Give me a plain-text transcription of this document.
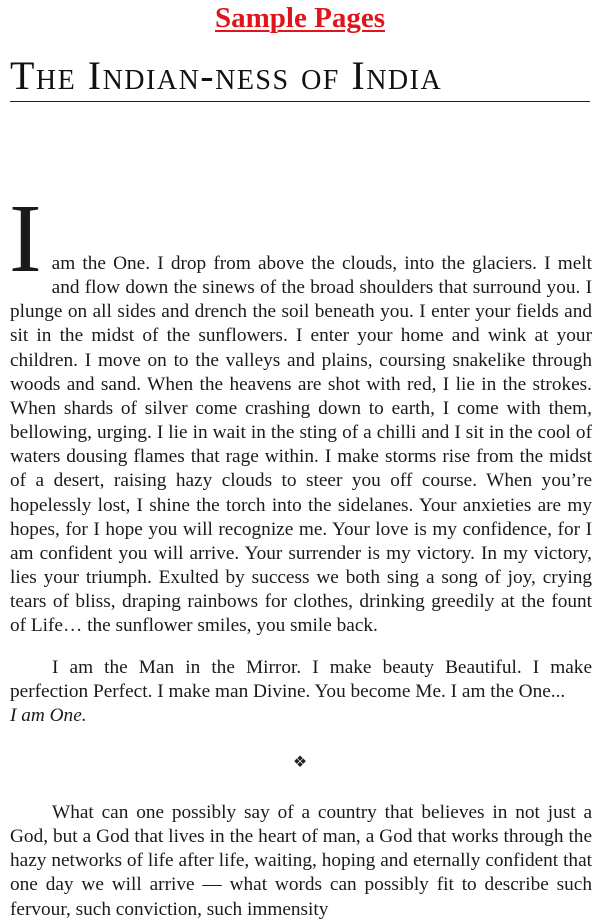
Sample Pages
The Indian-ness of India
I am the One. I drop from above the clouds, into the glaciers. I melt and flow down the sinews of the broad shoulders that surround you. I plunge on all sides and drench the soil beneath you. I enter your fields and sit in the midst of the sunflowers. I enter your home and wink at your children. I move on to the valleys and plains, coursing snakelike through woods and sand. When the heavens are shot with red, I lie in the strokes. When shards of silver come crashing down to earth, I come with them, bellowing, urging. I lie in wait in the sting of a chilli and I sit in the cool of waters dousing flames that rage within. I make storms rise from the midst of a desert, raising hazy clouds to steer you off course. When you’re hopelessly lost, I shine the torch into the sidelanes. Your anxieties are my hopes, for I hope you will recognize me. Your love is my confidence, for I am confident you will arrive. Your surrender is my victory. In my victory, lies your triumph. Exulted by success we both sing a song of joy, crying tears of bliss, draping rainbows for clothes, drinking greedily at the fount of Life… the sunflower smiles, you smile back.
I am the Man in the Mirror. I make beauty Beautiful. I make perfection Perfect. I make man Divine. You become Me. I am the One...
I am One.
❖
What can one possibly say of a country that believes in not just a God, but a God that lives in the heart of man, a God that works through the hazy networks of life after life, waiting, hoping and eternally confident that one day we will arrive — what words can possibly fit to describe such fervour, such conviction, such immensity
